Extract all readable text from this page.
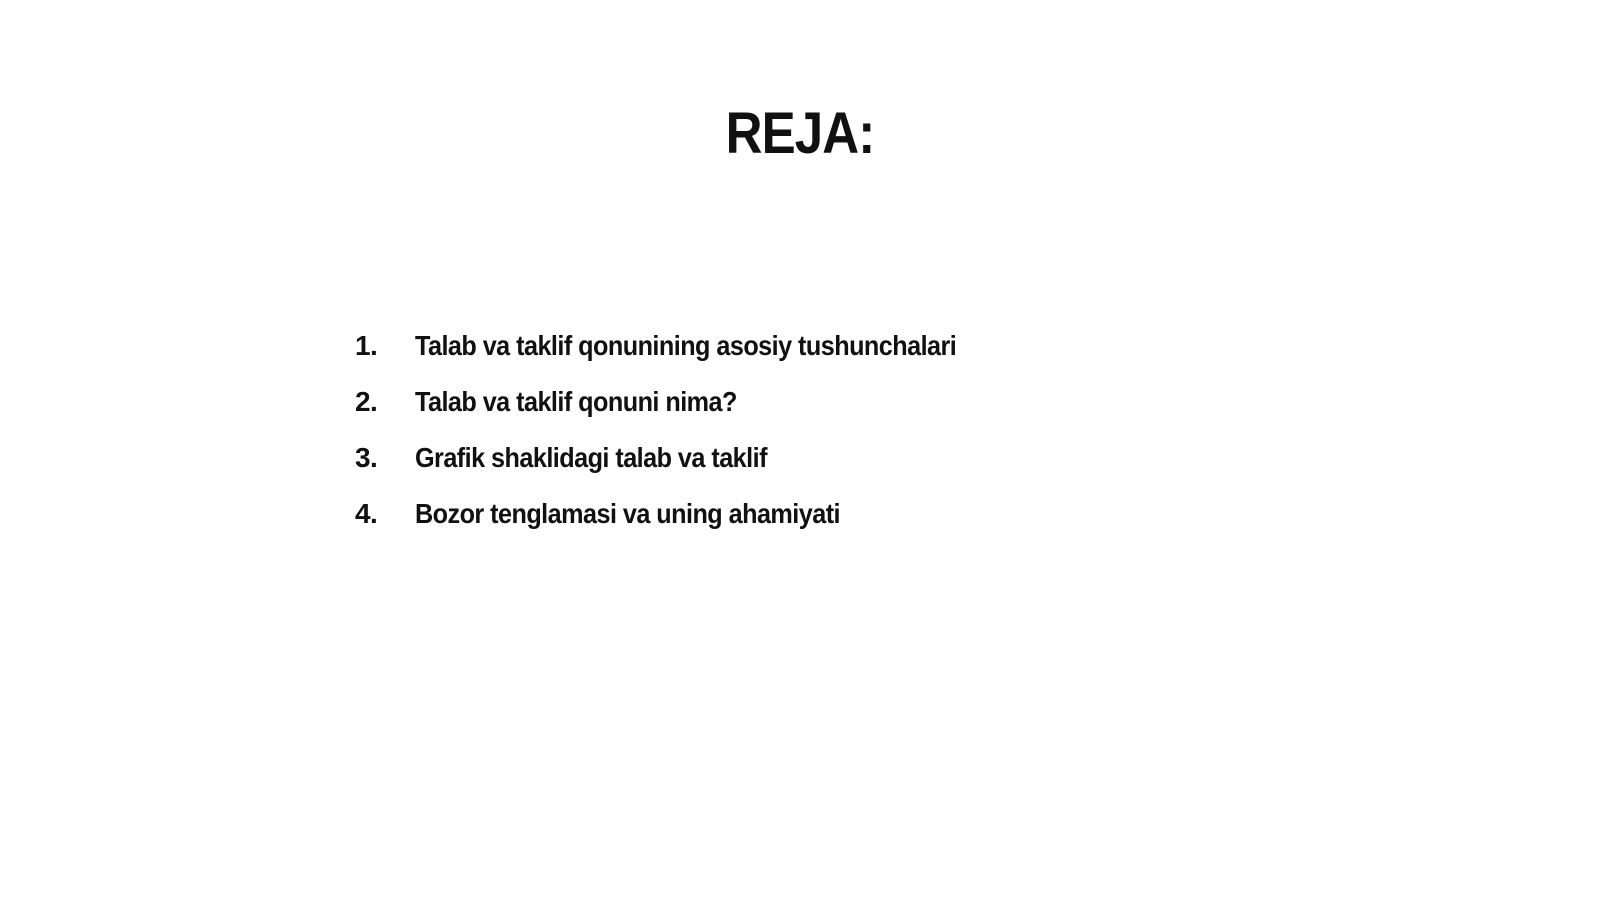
REJA:
1.	Talab va taklif qonunining asosiy tushunchalari
2.	Talab va taklif qonuni nima?
3.	Grafik shaklidagi talab va taklif
4.	Bozor tenglamasi va uning ahamiyati
